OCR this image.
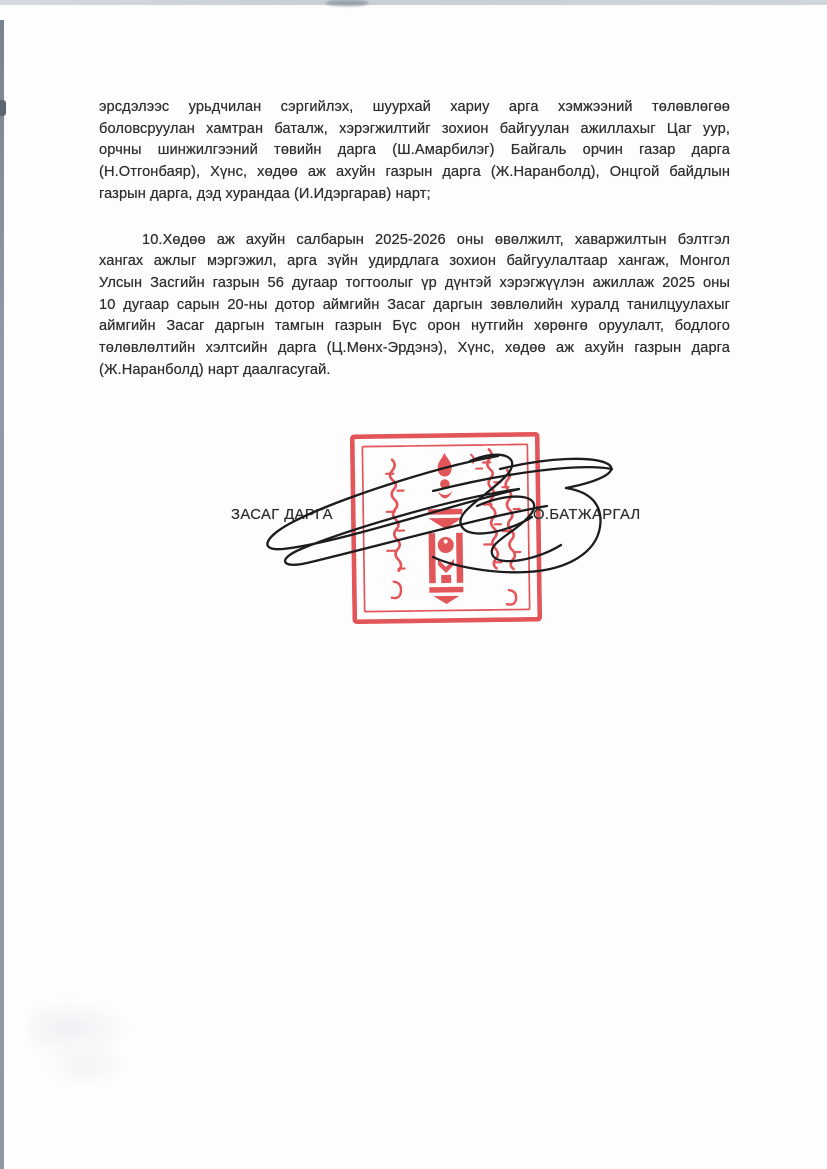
эрсдэлээс урьдчилан сэргийлэх, шуурхай хариу арга хэмжээний төлөвлөгөө
боловсруулан хамтран баталж, хэрэгжилтийг зохион байгуулан ажиллахыг Цаг уур,
орчны шинжилгээний төвийн дарга (Ш.Амарбилэг) Байгаль орчин газар дарга
(Н.Отгонбаяр), Хүнс, хөдөө аж ахуйн газрын дарга (Ж.Наранболд), Онцгой байдлын
газрын дарга, дэд хурандаа (И.Идэргарав) нарт;
10.Хөдөө аж ахуйн салбарын 2025-2026 оны өвөлжилт, хаваржилтын бэлтгэл
хангах ажлыг мэргэжил, арга зүйн удирдлага зохион байгуулалтаар хангаж, Монгол
Улсын Засгийн газрын 56 дугаар тогтоолыг үр дүнтэй хэрэгжүүлэн ажиллаж 2025 оны
10 дугаар сарын 20-ны дотор аймгийн Засаг даргын зөвлөлийн хуралд танилцуулахыг
аймгийн Засаг даргын тамгын газрын Бүс орон нутгийн хөрөнгө оруулалт, бодлого
төлөвлөлтийн хэлтсийн дарга (Ц.Мөнх-Эрдэнэ), Хүнс, хөдөө аж ахуйн газрын дарга
(Ж.Наранболд) нарт даалгасугай.
ЗАСАГ ДАРГА	О.БАТЖАРГАЛ
